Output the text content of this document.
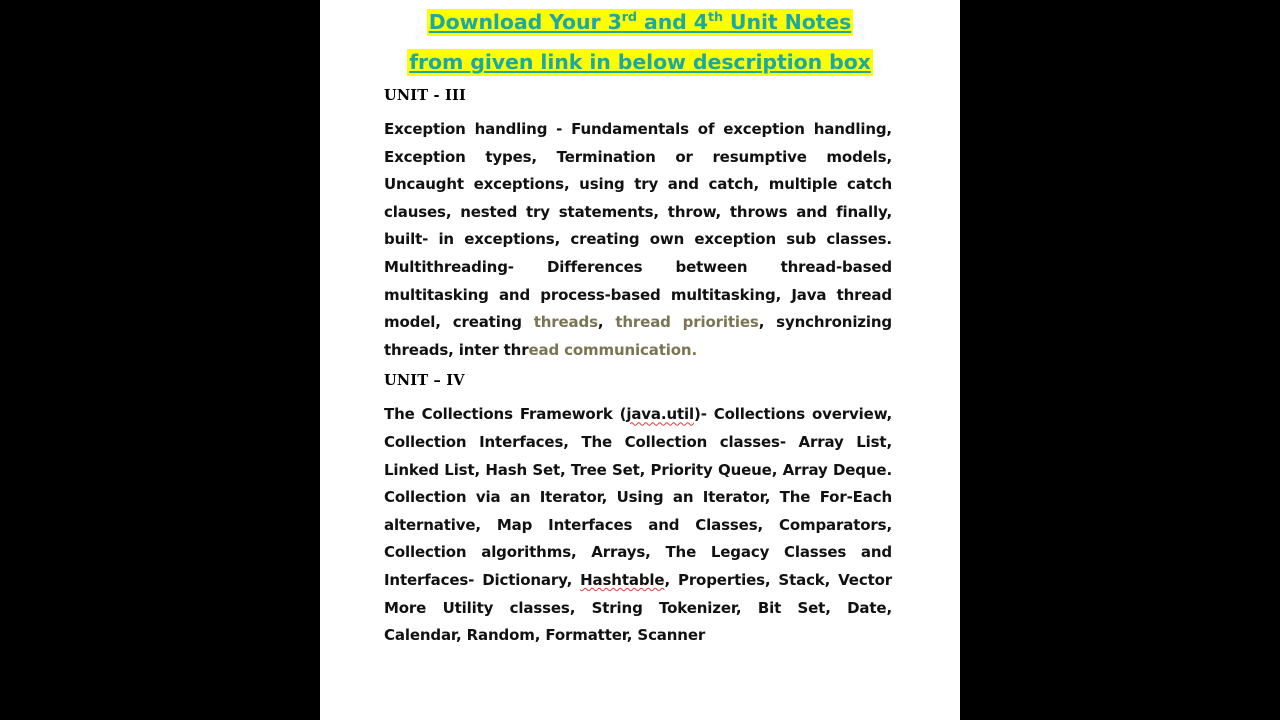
Download Your 3rd and 4th Unit Notes
from given link in below description box
UNIT - III

Exception handling - Fundamentals of exception handling, Exception types, Termination or resumptive models, Uncaught exceptions, using try and catch, multiple catch clauses, nested try statements, throw, throws and finally, built- in exceptions, creating own exception sub classes. Multithreading- Differences between thread-based multitasking and process-based multitasking, Java thread model, creating threads, thread priorities, synchronizing threads, inter thread communication.

UNIT – IV

The Collections Framework (java.util)- Collections overview, Collection Interfaces, The Collection classes- Array List, Linked List, Hash Set, Tree Set, Priority Queue, Array Deque. Collection via an Iterator, Using an Iterator, The For-Each alternative, Map Interfaces and Classes, Comparators, Collection algorithms, Arrays, The Legacy Classes and Interfaces- Dictionary, Hashtable, Properties, Stack, Vector More Utility classes, String Tokenizer, Bit Set, Date, Calendar, Random, Formatter, Scanner
